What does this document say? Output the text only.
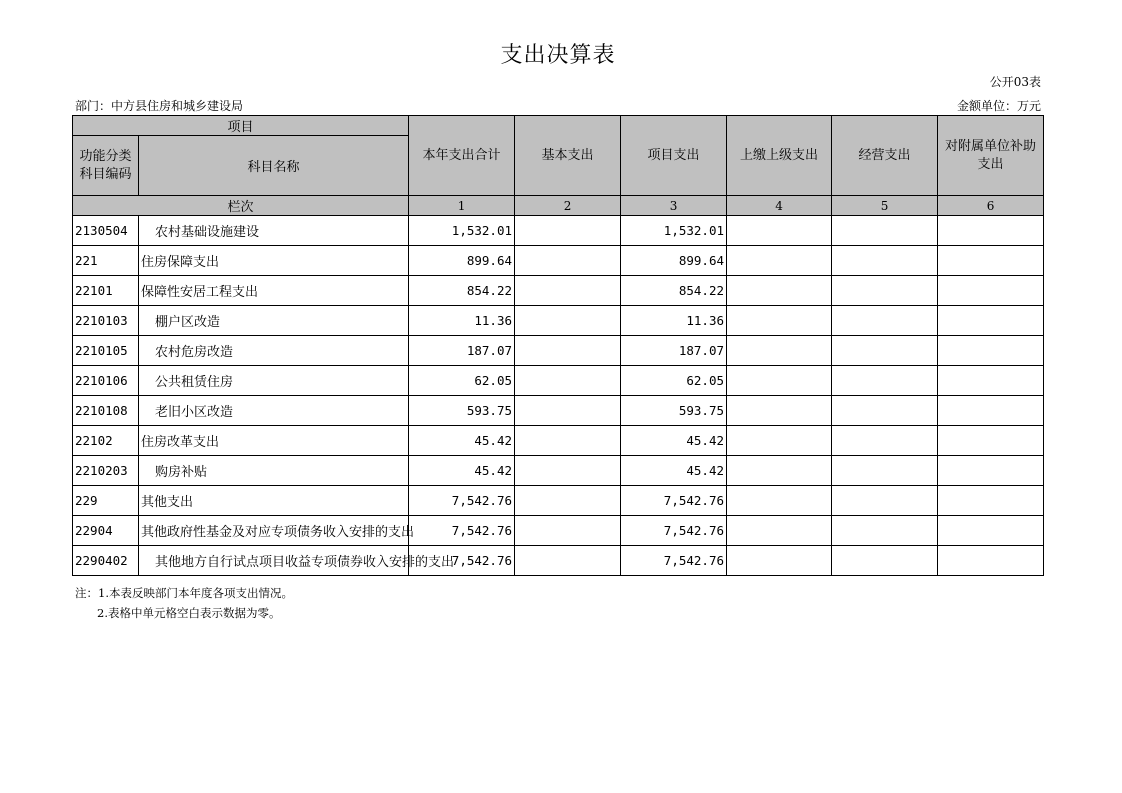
支出决算表
公开03表
部门：中方县住房和城乡建设局	金额单位：万元
项目		本年支出合计	基本支出	项目支出	上缴上级支出	经营支出	对附属单位补助支出
功能分类科目编码	科目名称						
栏次		1	2	3	4	5	6
2130504	农村基础设施建设	1,532.01		1,532.01			
221	住房保障支出	899.64		899.64			
22101	保障性安居工程支出	854.22		854.22			
2210103	棚户区改造	11.36		11.36			
2210105	农村危房改造	187.07		187.07			
2210106	公共租赁住房	62.05		62.05			
2210108	老旧小区改造	593.75		593.75			
22102	住房改革支出	45.42		45.42			
2210203	购房补贴	45.42		45.42			
229	其他支出	7,542.76		7,542.76			
22904	其他政府性基金及对应专项债务收入安排的支出	7,542.76		7,542.76			
2290402	其他地方自行试点项目收益专项债券收入安排的支出	7,542.76		7,542.76			
注：1.本表反映部门本年度各项支出情况。
2.表格中单元格空白表示数据为零。
